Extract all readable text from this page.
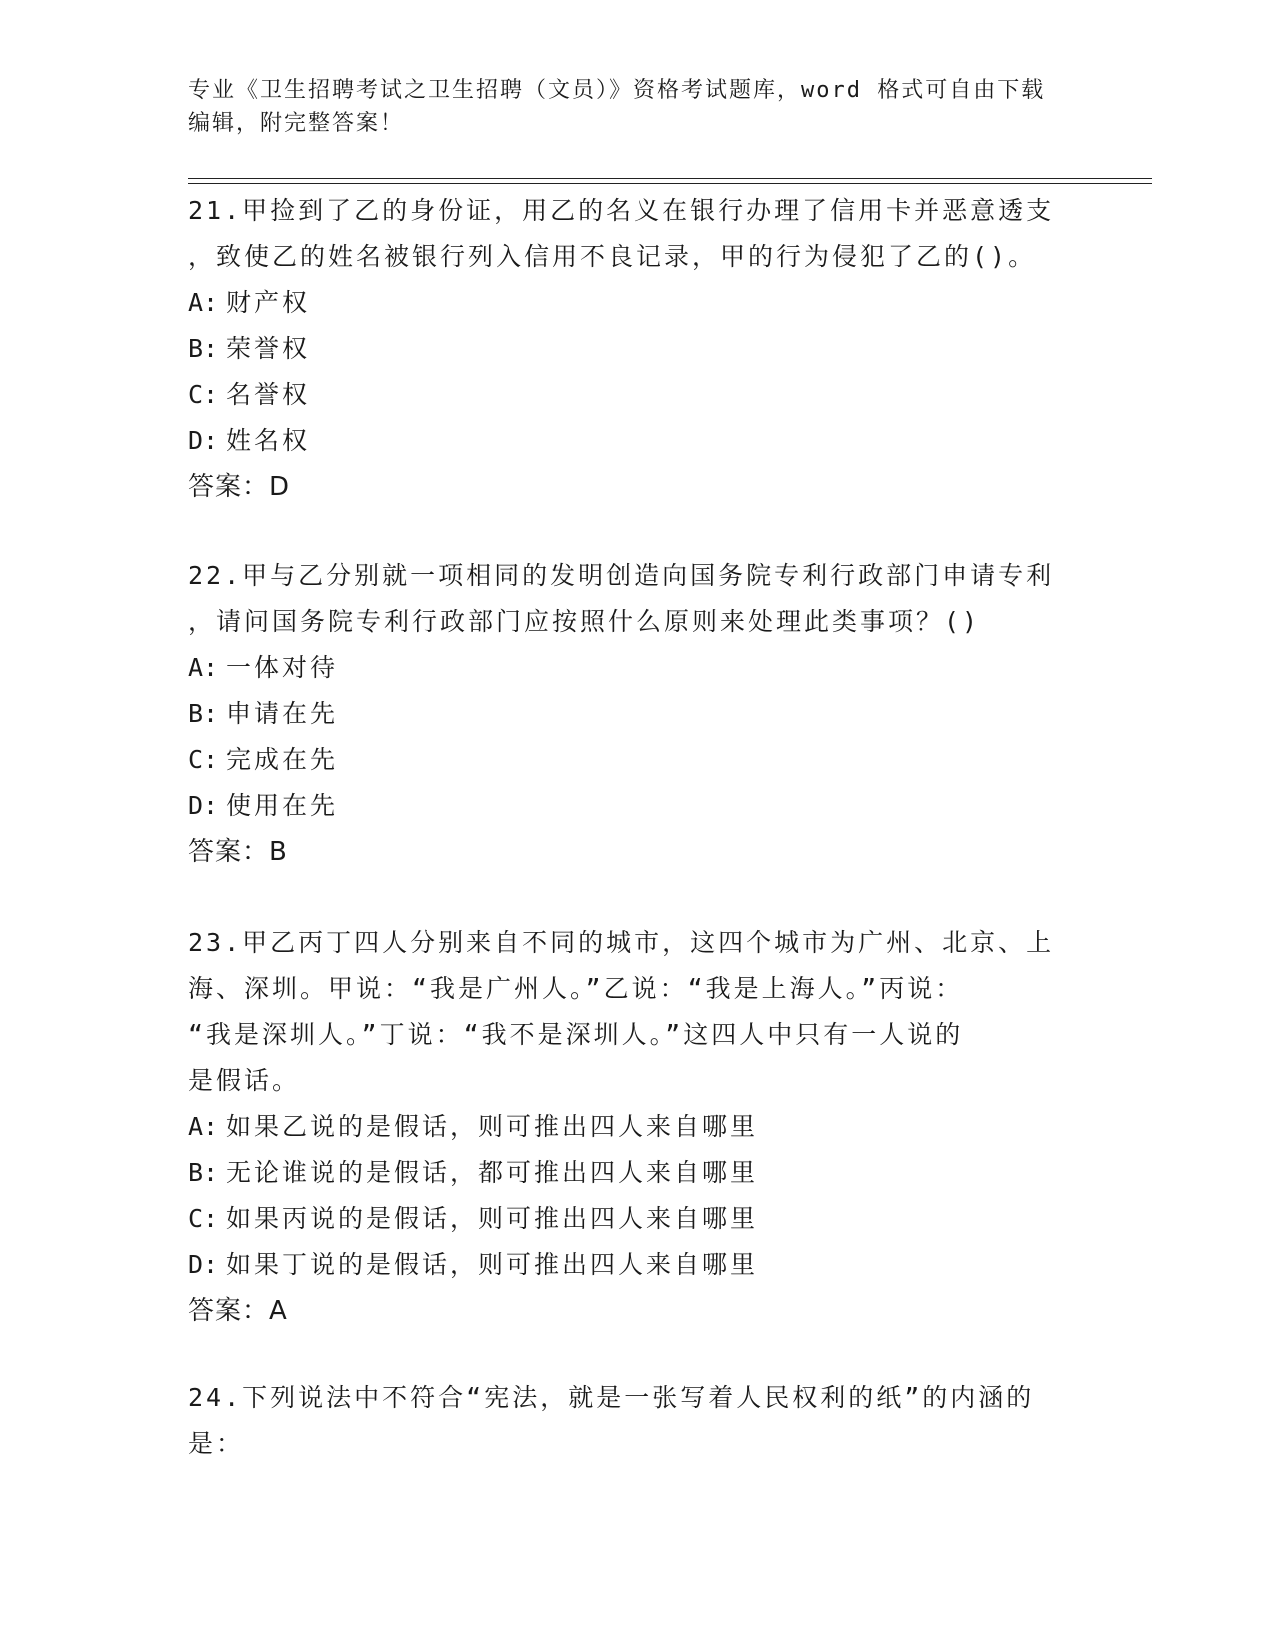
专业《卫生招聘考试之卫生招聘（文员）》资格考试题库，word 格式可自由下载
编辑，附完整答案！
21.甲捡到了乙的身份证，用乙的名义在银行办理了信用卡并恶意透支
，致使乙的姓名被银行列入信用不良记录，甲的行为侵犯了乙的()。
A: 财产权
B: 荣誉权
C: 名誉权
D: 姓名权
答案：D
22.甲与乙分别就一项相同的发明创造向国务院专利行政部门申请专利
，请问国务院专利行政部门应按照什么原则来处理此类事项？()
A: 一体对待
B: 申请在先
C: 完成在先
D: 使用在先
答案：B
23.甲乙丙丁四人分别来自不同的城市，这四个城市为广州、北京、上
海、深圳。甲说：“我是广州人。”乙说：“我是上海人。”丙说：
“我是深圳人。”丁说：“我不是深圳人。”这四人中只有一人说的
是假话。
A: 如果乙说的是假话，则可推出四人来自哪里
B: 无论谁说的是假话，都可推出四人来自哪里
C: 如果丙说的是假话，则可推出四人来自哪里
D: 如果丁说的是假话，则可推出四人来自哪里
答案：A
24.下列说法中不符合“宪法，就是一张写着人民权利的纸”的内涵的
是：
